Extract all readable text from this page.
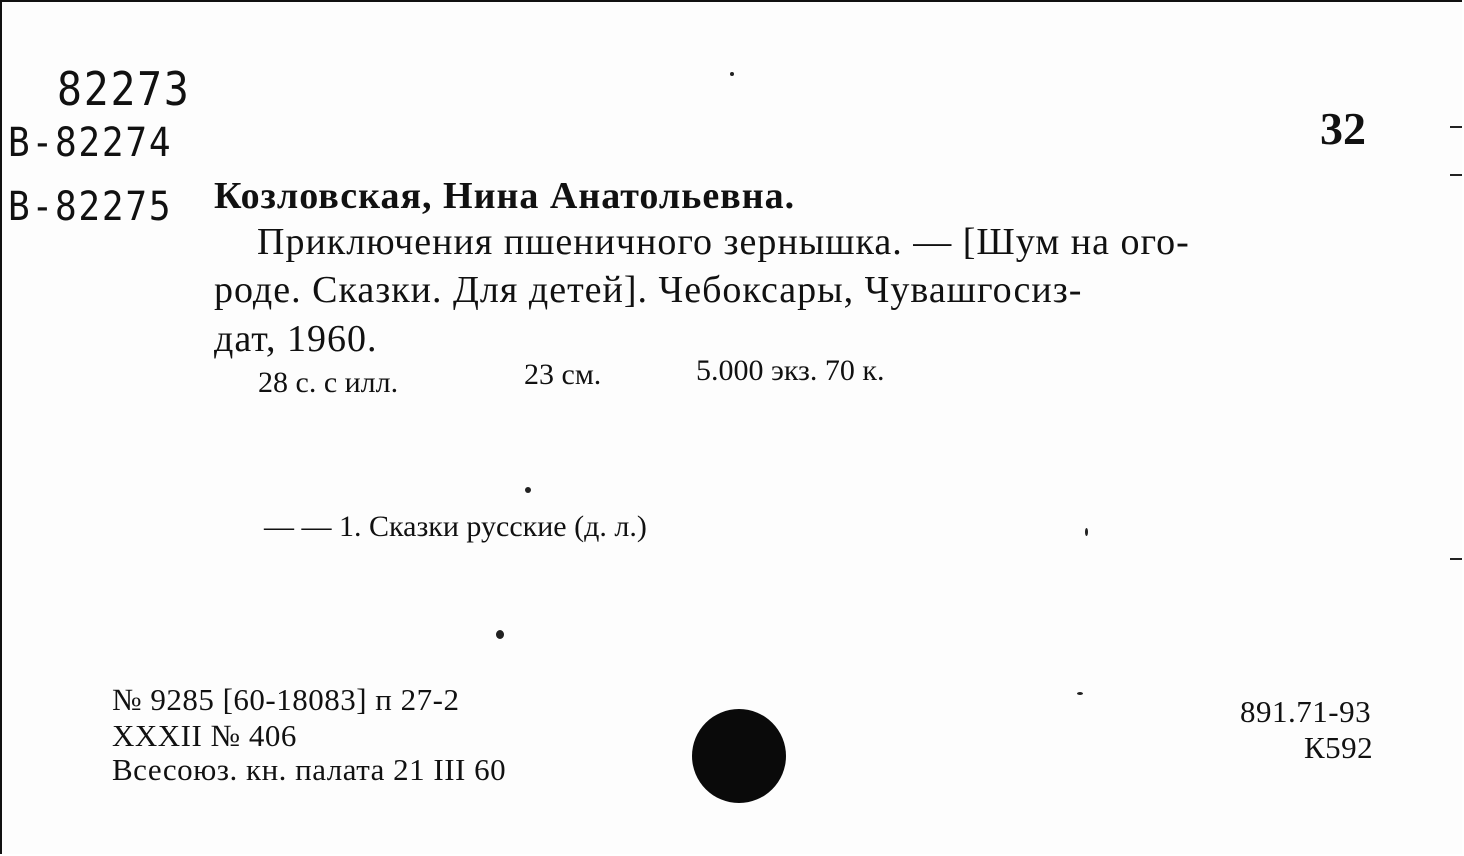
82273
В-82274
В-82275
32
Козловская, Нина Анатольевна.
Приключения пшеничного зернышка. — [Шум на ого-
роде. Сказки. Для детей]. Чебоксары, Чувашгосиз-
дат, 1960.
28 с. с илл.	23 см.	5.000 экз. 70 к.
— — 1. Сказки русские (д. л.)
№ 9285 [60-18083] п 27-2
XXXII № 406
Всесоюз. кн. палата 21 III 60
891.71-93
К592
